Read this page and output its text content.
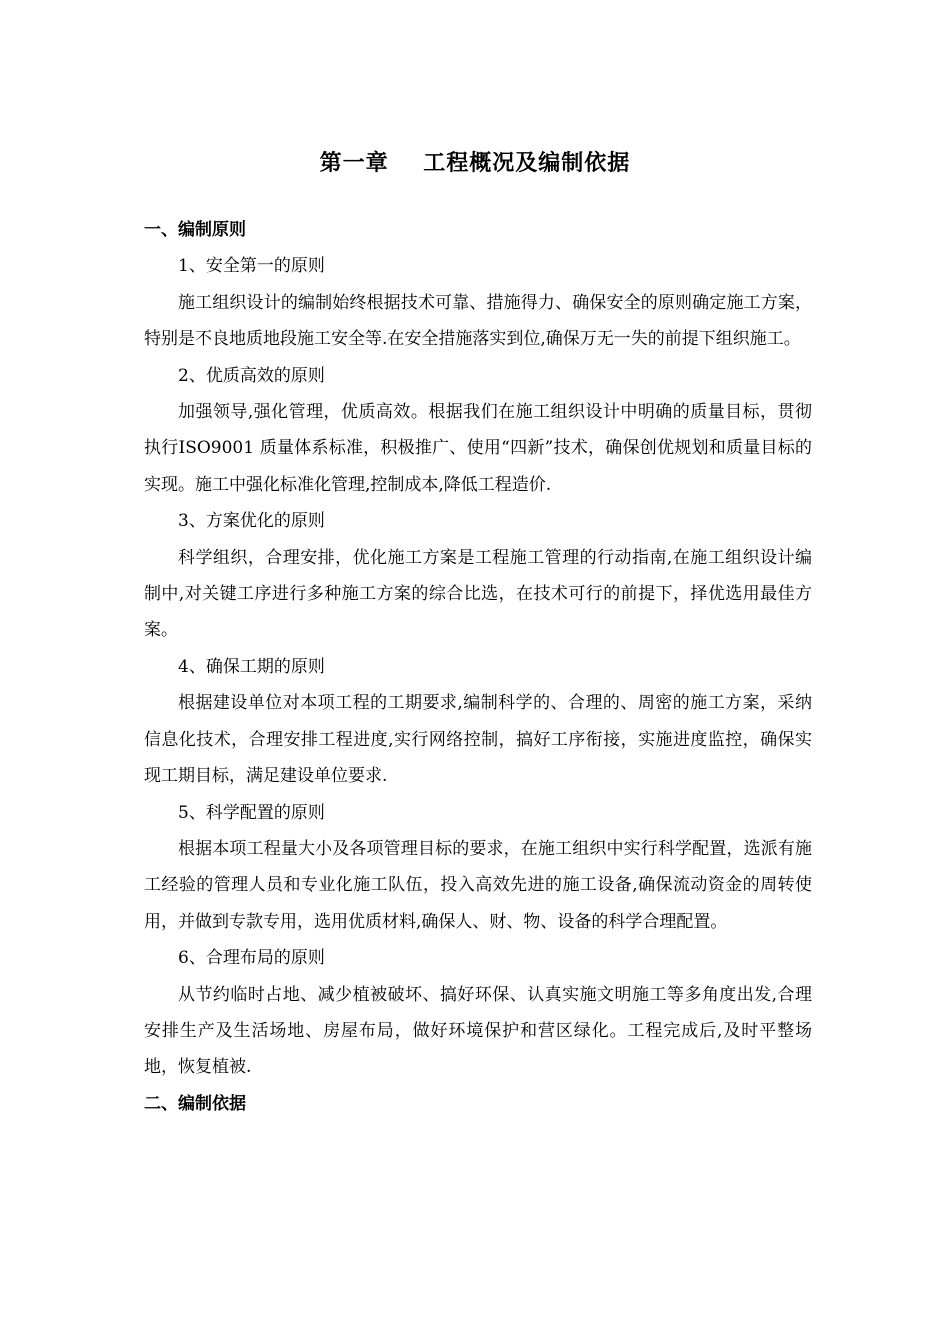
第一章    工程概况及编制依据

一、编制原则

1、安全第一的原则

施工组织设计的编制始终根据技术可靠、措施得力、确保安全的原则确定施工方案，特别是不良地质地段施工安全等.在安全措施落实到位,确保万无一失的前提下组织施工。

2、优质高效的原则

加强领导,强化管理，优质高效。根据我们在施工组织设计中明确的质量目标，贯彻执行ISO9001 质量体系标准，积极推广、使用“四新”技术，确保创优规划和质量目标的实现。施工中强化标准化管理,控制成本,降低工程造价.

3、方案优化的原则

科学组织，合理安排，优化施工方案是工程施工管理的行动指南,在施工组织设计编制中,对关键工序进行多种施工方案的综合比选，在技术可行的前提下，择优选用最佳方案。

4、确保工期的原则

根据建设单位对本项工程的工期要求,编制科学的、合理的、周密的施工方案，采纳信息化技术，合理安排工程进度,实行网络控制，搞好工序衔接，实施进度监控，确保实现工期目标，满足建设单位要求.

5、科学配置的原则

根据本项工程量大小及各项管理目标的要求，在施工组织中实行科学配置，选派有施工经验的管理人员和专业化施工队伍，投入高效先进的施工设备,确保流动资金的周转使用，并做到专款专用，选用优质材料,确保人、财、物、设备的科学合理配置。

6、合理布局的原则

从节约临时占地、减少植被破坏、搞好环保、认真实施文明施工等多角度出发,合理安排生产及生活场地、房屋布局，做好环境保护和营区绿化。工程完成后,及时平整场地，恢复植被.

二、编制依据
